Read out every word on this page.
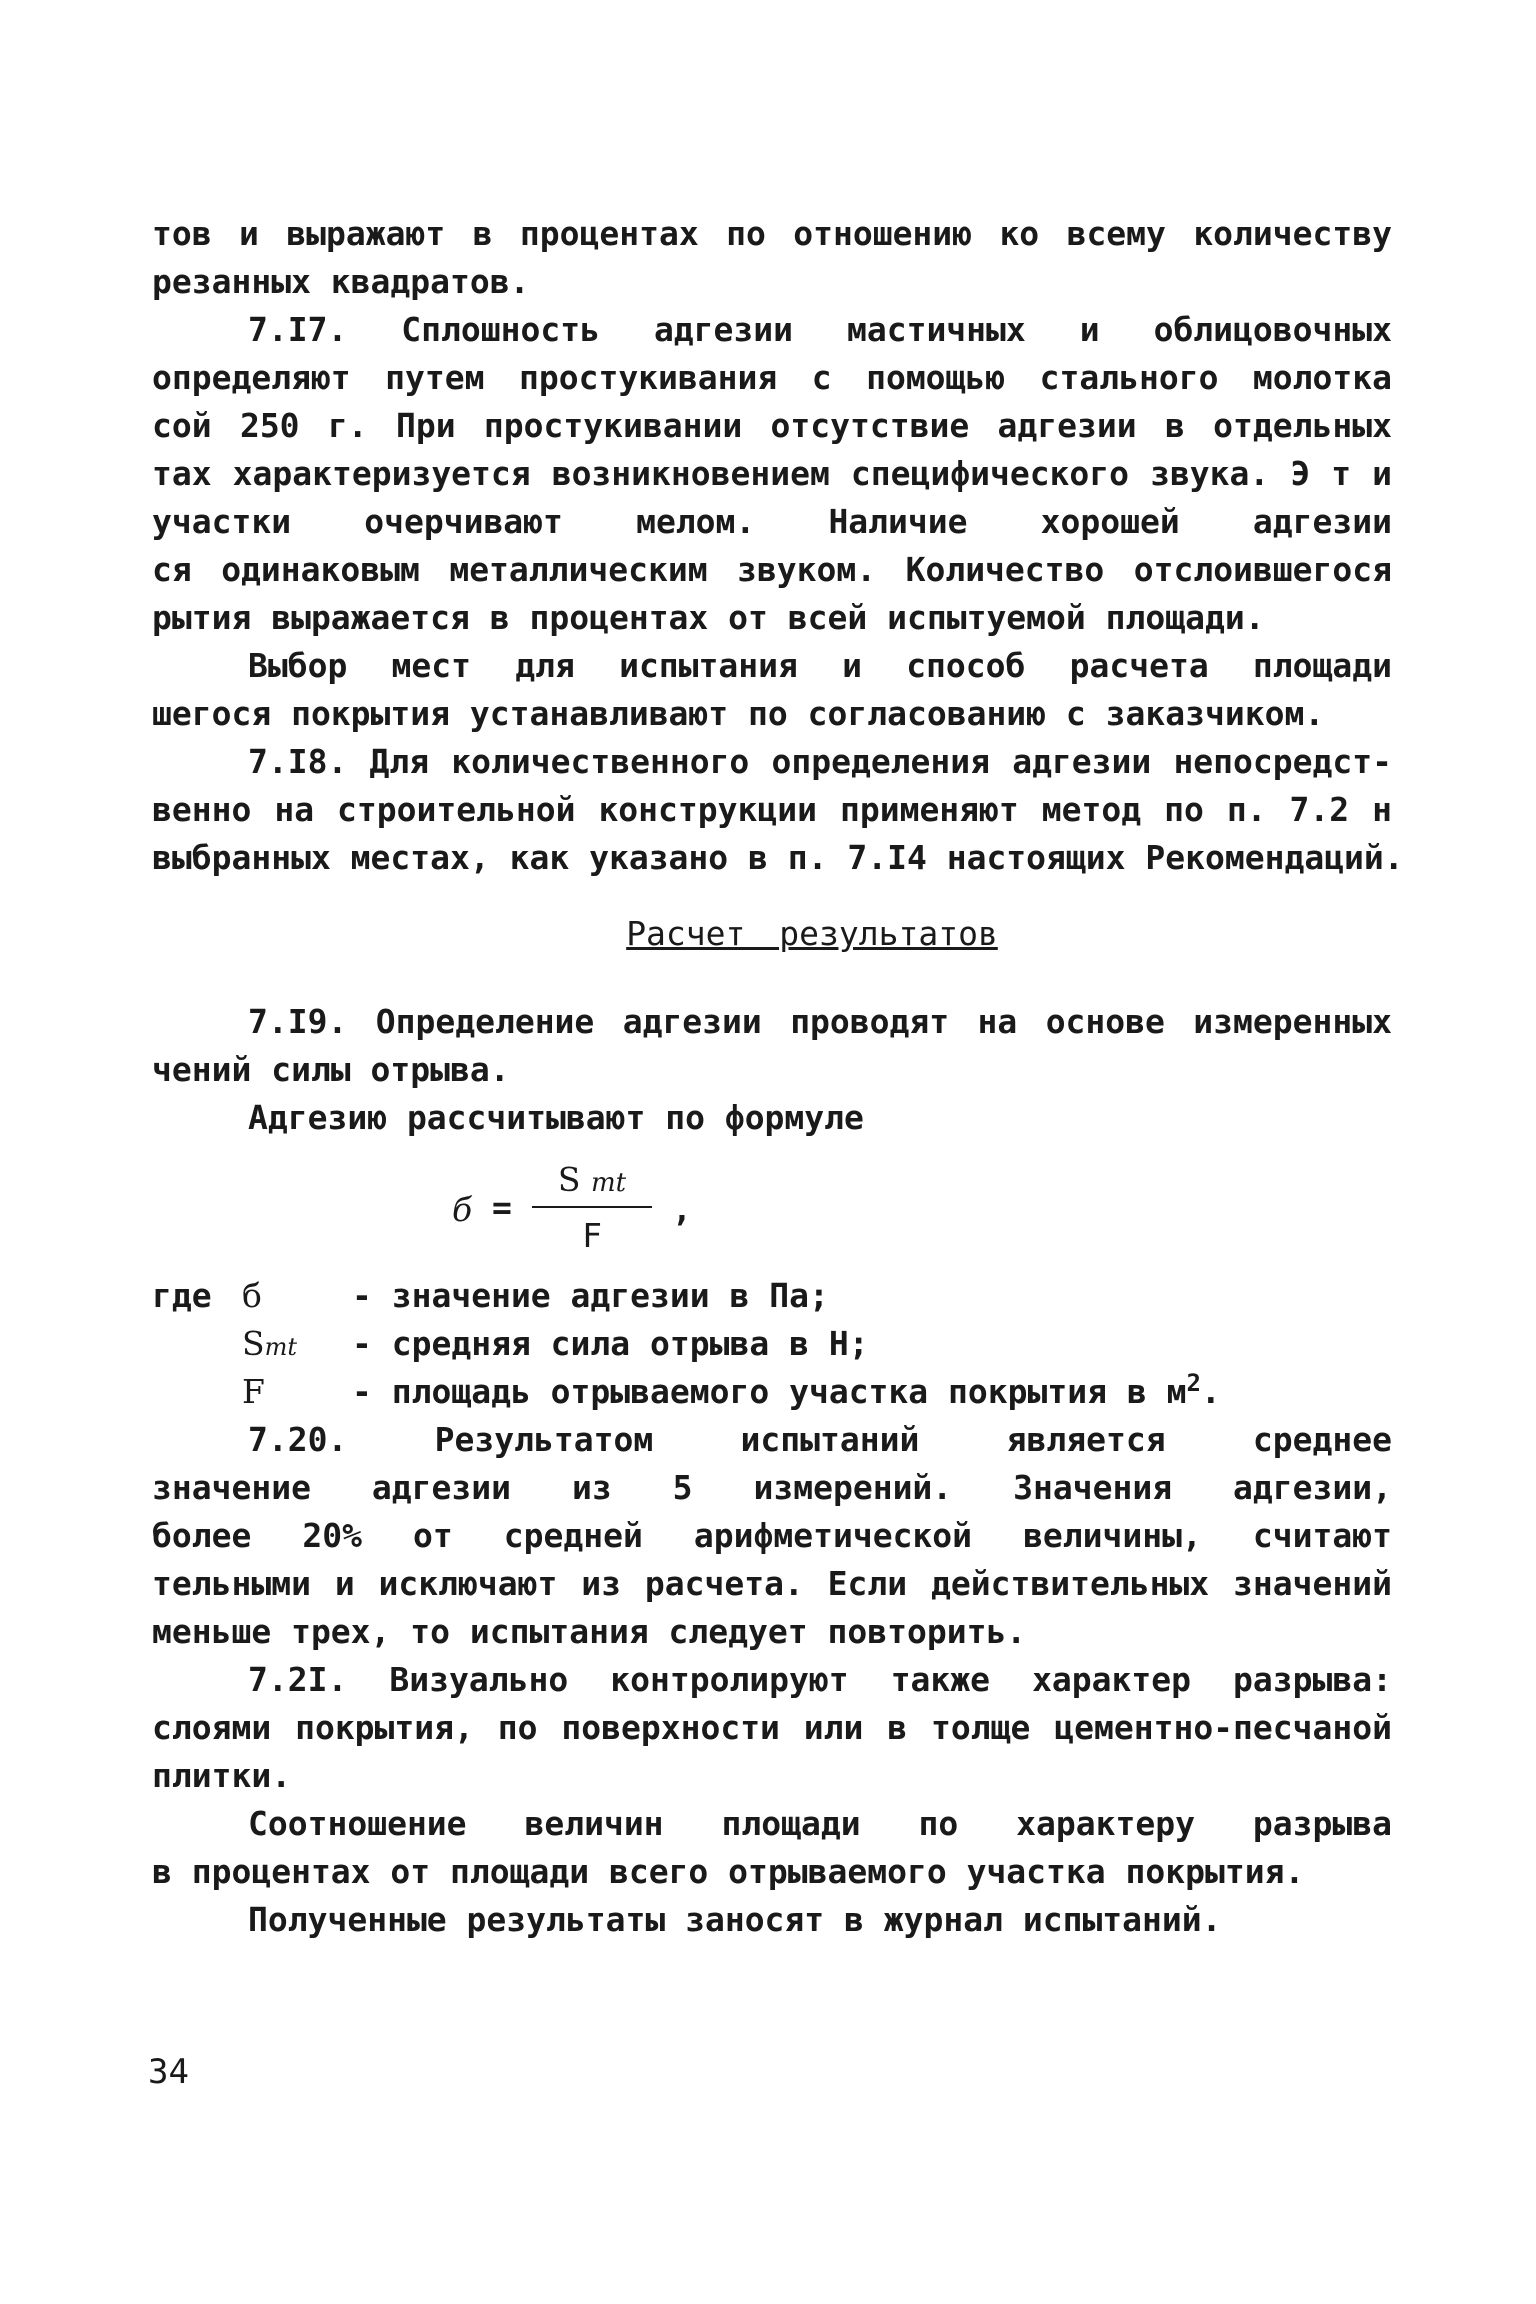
тов и выражают в процентах по отношению ко всему количеству
резанных квадратов.
7.I7. Сплошность адгезии мастичных и облицовочных
определяют путем простукивания с помощью стального молотка
сой 250 г. При простукивании отсутствие адгезии в отдельных
тах характеризуется возникновением специфического звука. Э т и
участки очерчивают мелом. Наличие хорошей адгезии
ся одинаковым металлическим звуком. Количество отслоившегося
рытия выражается в процентах от всей испытуемой площади.
Выбор мест для испытания и способ расчета площади
шегося покрытия устанавливают по согласованию с заказчиком.
7.I8. Для количественного определения адгезии непосредст-
венно на строительной конструкции применяют метод по п. 7.2 н
выбранных местах, как указано в п. 7.I4 настоящих Рекомендаций.
Расчет результатов
7.I9. Определение адгезии проводят на основе измеренных
чений силы отрыва.
Адгезию рассчитывают по формуле
б =
S mt
F
,
где б	- значение адгезии в Па;
Smt - средняя сила отрыва в Н;
F	- площадь отрываемого участка покрытия в $м^2$.
7.20. Результатом испытаний является среднее
значение адгезии из 5 измерений. Значения адгезии,
более 20% от средней арифметической величины, считают
тельными и исключают из расчета. Если действительных значений
меньше трех, то испытания следует повторить.
7.2I. Визуально контролируют также характер разрыва:
слоями покрытия, по поверхности или в толще цементно-песчаной
плитки.
Соотношение величин площади по характеру разрыва
в процентах от площади всего отрываемого участка покрытия.
Полученные результаты заносят в журнал испытаний.
34
